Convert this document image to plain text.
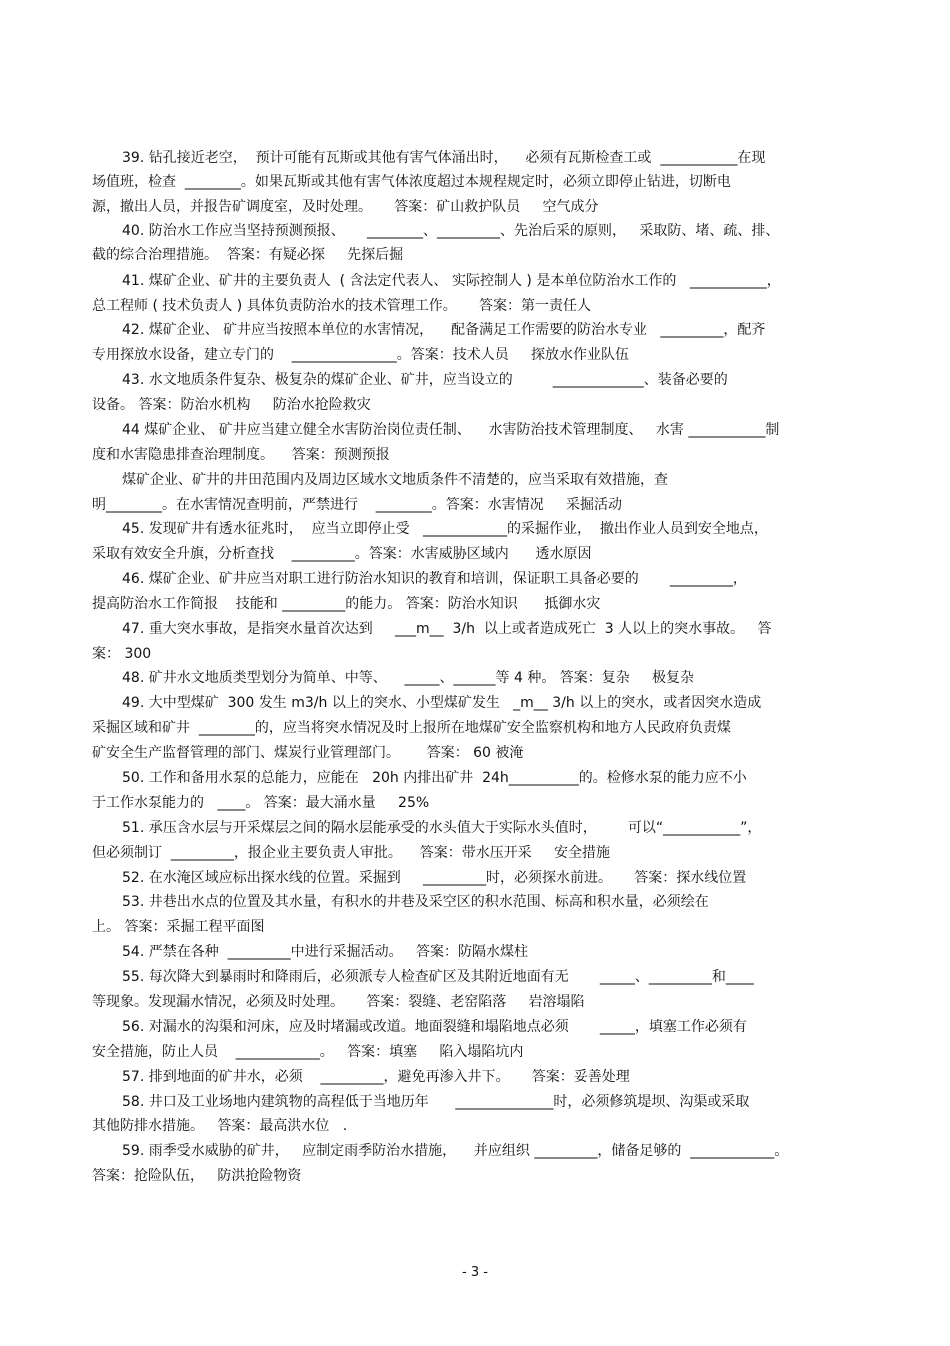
39. 钻孔接近老空，  预计可能有瓦斯或其他有害气体涌出时，    必须有瓦斯检查工或  ___________在现
场值班，检查  ________。如果瓦斯或其他有害气体浓度超过本规程规定时，必须立即停止钻进，切断电
源，撤出人员，并报告矿调度室，及时处理。     答案：矿山救护队员     空气成分
40. 防治水工作应当坚持预测预报、     ________、_________、先治后采的原则，   采取防、堵、疏、排、
截的综合治理措施。  答案：有疑必探     先探后掘
41. 煤矿企业、矿井的主要负责人  ( 含法定代表人、 实际控制人 ) 是本单位防治水工作的   ___________，
总工程师 ( 技术负责人 ) 具体负责防治水的技术管理工作。     答案：第一责任人
42. 煤矿企业、 矿井应当按照本单位的水害情况，    配备满足工作需要的防治水专业   _________，配齐
专用探放水设备，建立专门的    _______________。答案：技术人员     探放水作业队伍
43. 水文地质条件复杂、极复杂的煤矿企业、矿井，应当设立的         _____________、装备必要的
设备。 答案：防治水机构     防治水抢险救灾
44 煤矿企业、 矿井应当建立健全水害防治岗位责任制、    水害防治技术管理制度、   水害 ___________制
度和水害隐患排查治理制度。    答案：预测预报
煤矿企业、矿井的井田范围内及周边区域水文地质条件不清楚的，应当采取有效措施，查
明________。在水害情况查明前，严禁进行    ________。答案：水害情况     采掘活动
45. 发现矿井有透水征兆时，  应当立即停止受   ____________的采掘作业，  撤出作业人员到安全地点，
采取有效安全升旗，分析查找    _________。答案：水害威胁区域内      透水原因
46. 煤矿企业、矿井应当对职工进行防治水知识的教育和培训，保证职工具备必要的       _________，
提高防治水工作简报    技能和 _________的能力。 答案：防治水知识      抵御水灾
47. 重大突水事故，是指突水量首次达到     ___m__  3/h  以上或者造成死亡  3 人以上的突水事故。   答
案： 300
48. 矿井水文地质类型划分为简单、中等、    _____、______等 4 种。 答案：复杂     极复杂
49. 大中型煤矿  300 发生 m3/h 以上的突水、小型煤矿发生   _m__ 3/h 以上的突水，或者因突水造成
采掘区域和矿井  ________的，应当将突水情况及时上报所在地煤矿安全监察机构和地方人民政府负责煤
矿安全生产监督管理的部门、煤炭行业管理部门。      答案： 60 被淹
50. 工作和备用水泵的总能力，应能在   20h 内排出矿井  24h__________的。检修水泵的能力应不小
于工作水泵能力的   ____。 答案：最大涌水量     25%
51. 承压含水层与开采煤层之间的隔水层能承受的水头值大于实际水头值时，       可以“___________”，
但必须制订  _________，报企业主要负责人审批。    答案：带水压开采     安全措施
52. 在水淹区域应标出探水线的位置。采掘到     _________时，必须探水前进。     答案：探水线位置
53. 井巷出水点的位置及其水量，有积水的井巷及采空区的积水范围、标高和积水量，必须绘在
上。 答案：采掘工程平面图
54. 严禁在各种  _________中进行采掘活动。   答案：防隔水煤柱
55. 每次降大到暴雨时和降雨后，必须派专人检查矿区及其附近地面有无       _____、_________和____
等现象。发现漏水情况，必须及时处理。     答案：裂缝、老窑陷落     岩溶塌陷
56. 对漏水的沟渠和河床，应及时堵漏或改道。地面裂缝和塌陷地点必须       _____，填塞工作必须有
安全措施，防止人员    ____________。   答案：填塞     陷入塌陷坑内
57. 排到地面的矿井水，必须    _________，避免再渗入井下。     答案：妥善处理
58. 井口及工业场地内建筑物的高程低于当地历年      ______________时，必须修筑堤坝、沟渠或采取
其他防排水措施。   答案：最高洪水位   .
59. 雨季受水威胁的矿井，   应制定雨季防治水措施，    并应组织 _________，储备足够的  ____________。
答案：抢险队伍，   防洪抢险物资
- 3 -
